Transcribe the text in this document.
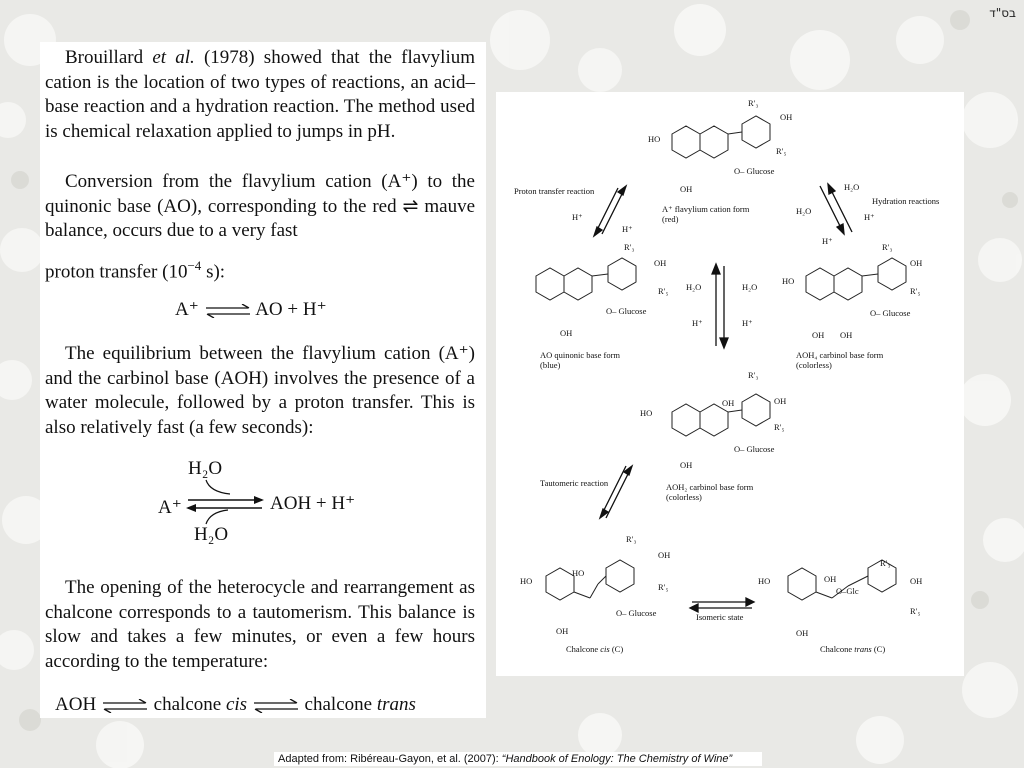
בס"ד

Brouillard et al. (1978) showed that the flavylium cation is the location of two types of reactions, an acid–base reaction and a hydration reaction. The method used is chemical relaxation applied to jumps in pH.

Conversion from the flavylium cation (A⁺) to the quinonic base (AO), corresponding to the red ⇌ mauve balance, occurs due to a very fast

proton transfer ($10^{-4}$ s):
A⁺ ⇌ AO + H⁺

The equilibrium between the flavylium cation (A⁺) and the carbinol base (AOH) involves the presence of a water molecule, followed by a proton transfer. This is also relatively fast (a few seconds):

H₂O
A⁺	AOH + H⁺
H₂O

The opening of the heterocycle and rearrangement as chalcone corresponds to a tautomerism. This balance is slow and takes a few minutes, or even a few hours according to the temperature:

AOH ⇌ chalcone cis ⇌ chalcone trans
Proton transfer reaction
Hydration reactions
A⁺ flavylium cation form
(red)
AO quinonic base form
(blue)
AOH₄ carbinol base form
(colorless)
AOH₂ carbinol base form
(colorless)
Tautomeric reaction
Isomeric state
Chalcone cis (C)	Chalcone trans (C)
HO
OH
O– Glucose
OH
R′₃
R′₅
O– Glucose
OH
OH
R′₅
R′₃
H₂O	H₂O
H⁺	H⁺
H⁺
H⁺
H₂O
H₂O
H⁺
H⁺
HO
O– Glucose
OH OH
OH
R′₅
R′₃
HO
OH
O– Glucose
OH
OH
R′₅
R′₃
HO
HO
OH
O– Glucose
OH
R′₅
R′₃
HO	OH
O–Glc
OH
OH
R′₅
R′₃
Adapted from: Ribéreau-Gayon, et al. (2007): “Handbook of Enology: The Chemistry of Wine”
